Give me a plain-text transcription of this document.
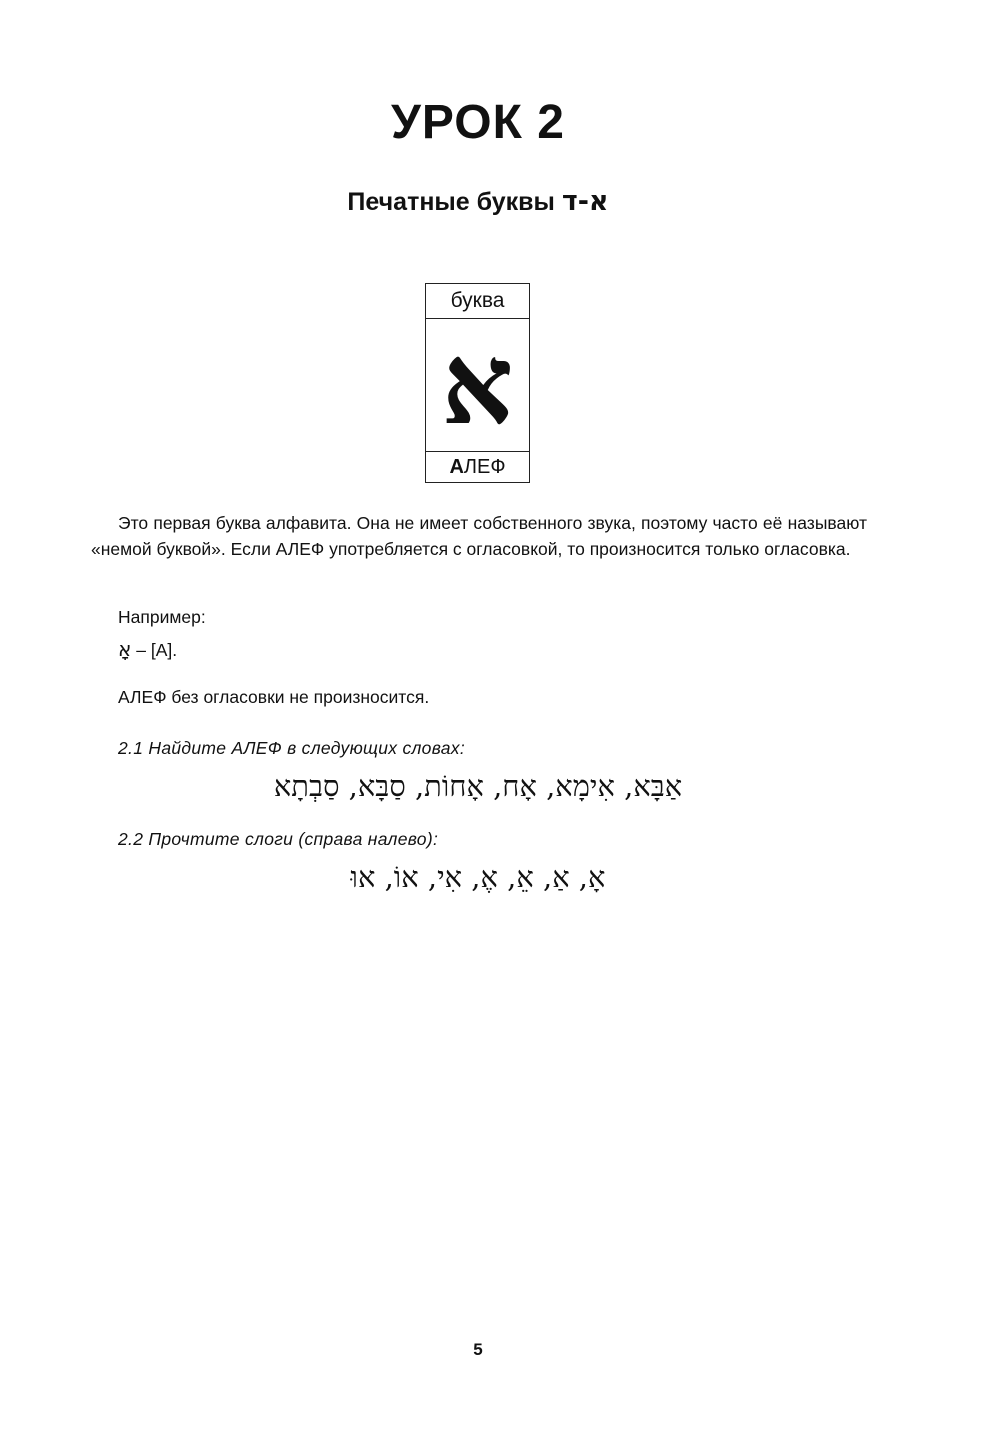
УРОК 2
Печатные буквы א-ד
буква
א
АЛЕФ
Это первая буква алфавита. Она не имеет собственного звука, поэтому часто её называют «немой буквой». Если АЛЕФ употребляется с огласовкой, то произносится только огласовка.
Например:
אָ – [А].
АЛЕФ без огласовки не произносится.
2.1 Найдите АЛЕФ в следующих словах:
אַבָּא, אִימָא, אָח, אָחוֹת, סַבָּא, סַבְתָא
2.2 Прочтите слоги (справа налево):
אָ, אַ, אֵ, אֶ, אִי, אוֹ, אוּ
5
